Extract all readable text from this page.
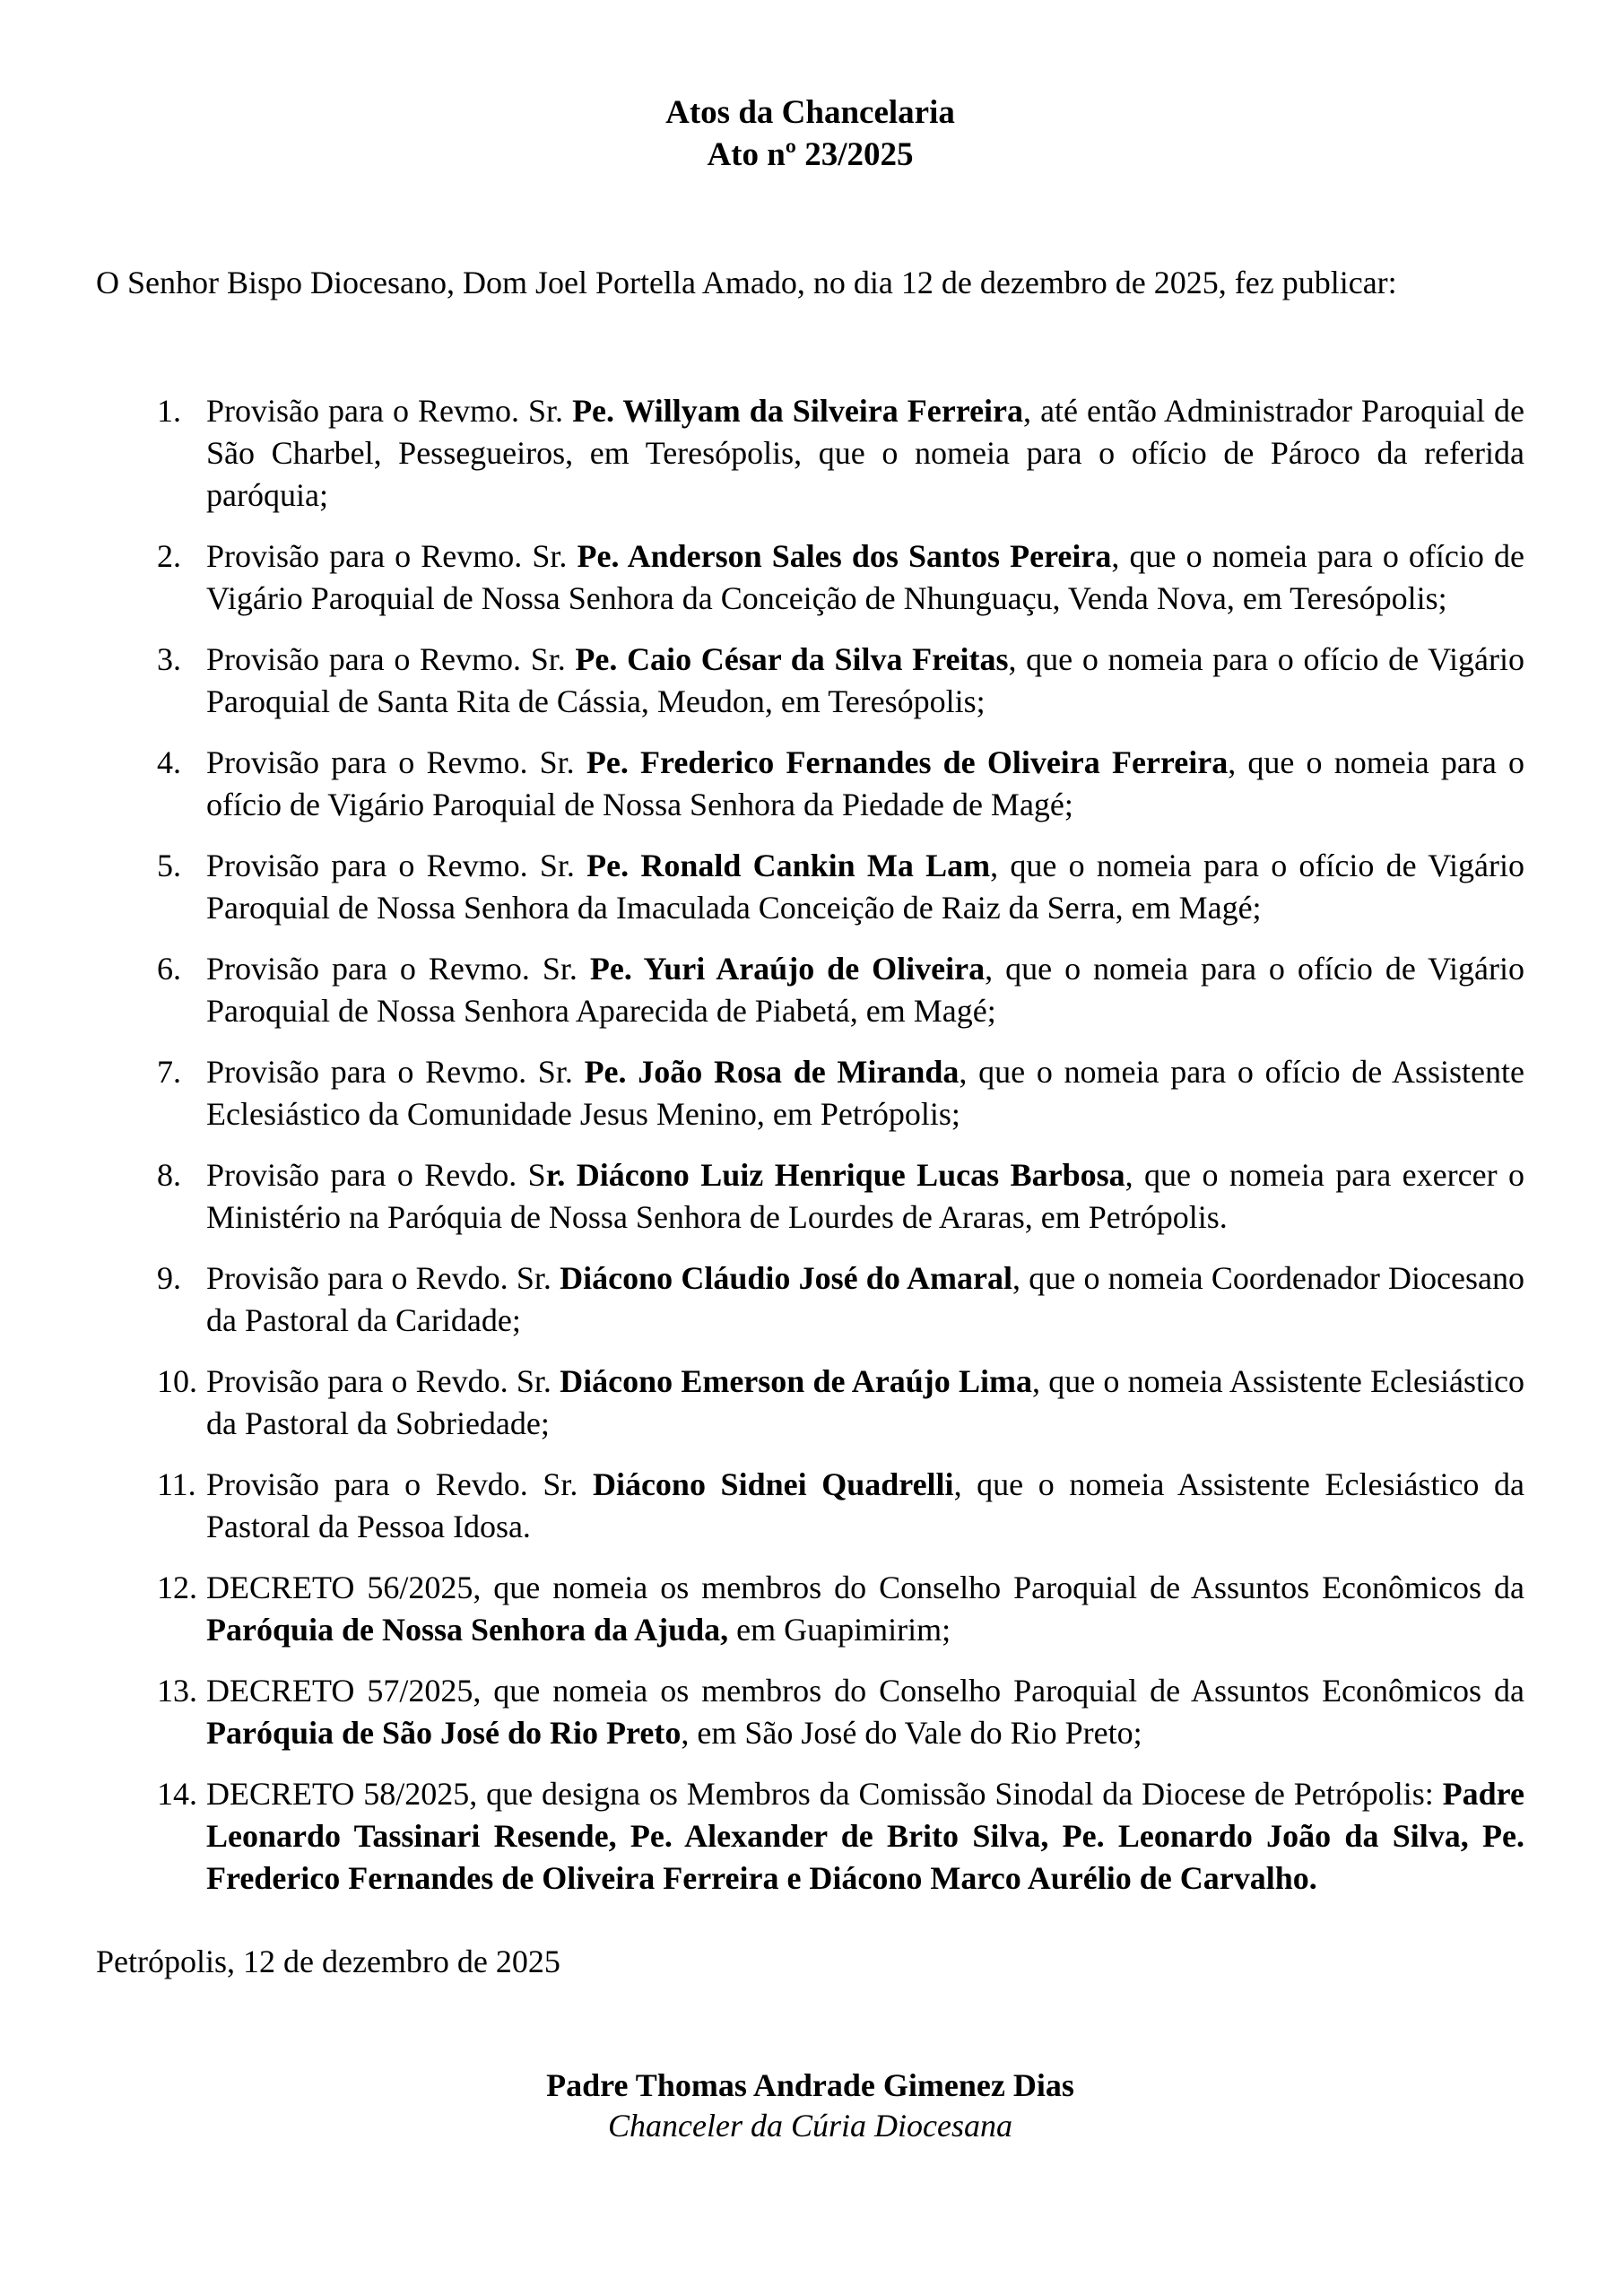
Atos da Chancelaria
Ato nº 23/2025

O Senhor Bispo Diocesano, Dom Joel Portella Amado, no dia 12 de dezembro de 2025, fez publicar:

1. Provisão para o Revmo. Sr. Pe. Willyam da Silveira Ferreira, até então Administrador Paroquial de São Charbel, Pessegueiros, em Teresópolis, que o nomeia para o ofício de Pároco da referida paróquia;
2. Provisão para o Revmo. Sr. Pe. Anderson Sales dos Santos Pereira, que o nomeia para o ofício de Vigário Paroquial de Nossa Senhora da Conceição de Nhunguaçu, Venda Nova, em Teresópolis;
3. Provisão para o Revmo. Sr. Pe. Caio César da Silva Freitas, que o nomeia para o ofício de Vigário Paroquial de Santa Rita de Cássia, Meudon, em Teresópolis;
4. Provisão para o Revmo. Sr. Pe. Frederico Fernandes de Oliveira Ferreira, que o nomeia para o ofício de Vigário Paroquial de Nossa Senhora da Piedade de Magé;
5. Provisão para o Revmo. Sr. Pe. Ronald Cankin Ma Lam, que o nomeia para o ofício de Vigário Paroquial de Nossa Senhora da Imaculada Conceição de Raiz da Serra, em Magé;
6. Provisão para o Revmo. Sr. Pe. Yuri Araújo de Oliveira, que o nomeia para o ofício de Vigário Paroquial de Nossa Senhora Aparecida de Piabetá, em Magé;
7. Provisão para o Revmo. Sr. Pe. João Rosa de Miranda, que o nomeia para o ofício de Assistente Eclesiástico da Comunidade Jesus Menino, em Petrópolis;
8. Provisão para o Revdo. Sr. Diácono Luiz Henrique Lucas Barbosa, que o nomeia para exercer o Ministério na Paróquia de Nossa Senhora de Lourdes de Araras, em Petrópolis.
9. Provisão para o Revdo. Sr. Diácono Cláudio José do Amaral, que o nomeia Coordenador Diocesano da Pastoral da Caridade;
10. Provisão para o Revdo. Sr. Diácono Emerson de Araújo Lima, que o nomeia Assistente Eclesiástico da Pastoral da Sobriedade;
11. Provisão para o Revdo. Sr. Diácono Sidnei Quadrelli, que o nomeia Assistente Eclesiástico da Pastoral da Pessoa Idosa.
12. DECRETO 56/2025, que nomeia os membros do Conselho Paroquial de Assuntos Econômicos da Paróquia de Nossa Senhora da Ajuda, em Guapimirim;
13. DECRETO 57/2025, que nomeia os membros do Conselho Paroquial de Assuntos Econômicos da Paróquia de São José do Rio Preto, em São José do Vale do Rio Preto;
14. DECRETO 58/2025, que designa os Membros da Comissão Sinodal da Diocese de Petrópolis: Padre Leonardo Tassinari Resende, Pe. Alexander de Brito Silva, Pe. Leonardo João da Silva, Pe. Frederico Fernandes de Oliveira Ferreira e Diácono Marco Aurélio de Carvalho.

Petrópolis, 12 de dezembro de 2025

Padre Thomas Andrade Gimenez Dias
Chanceler da Cúria Diocesana
